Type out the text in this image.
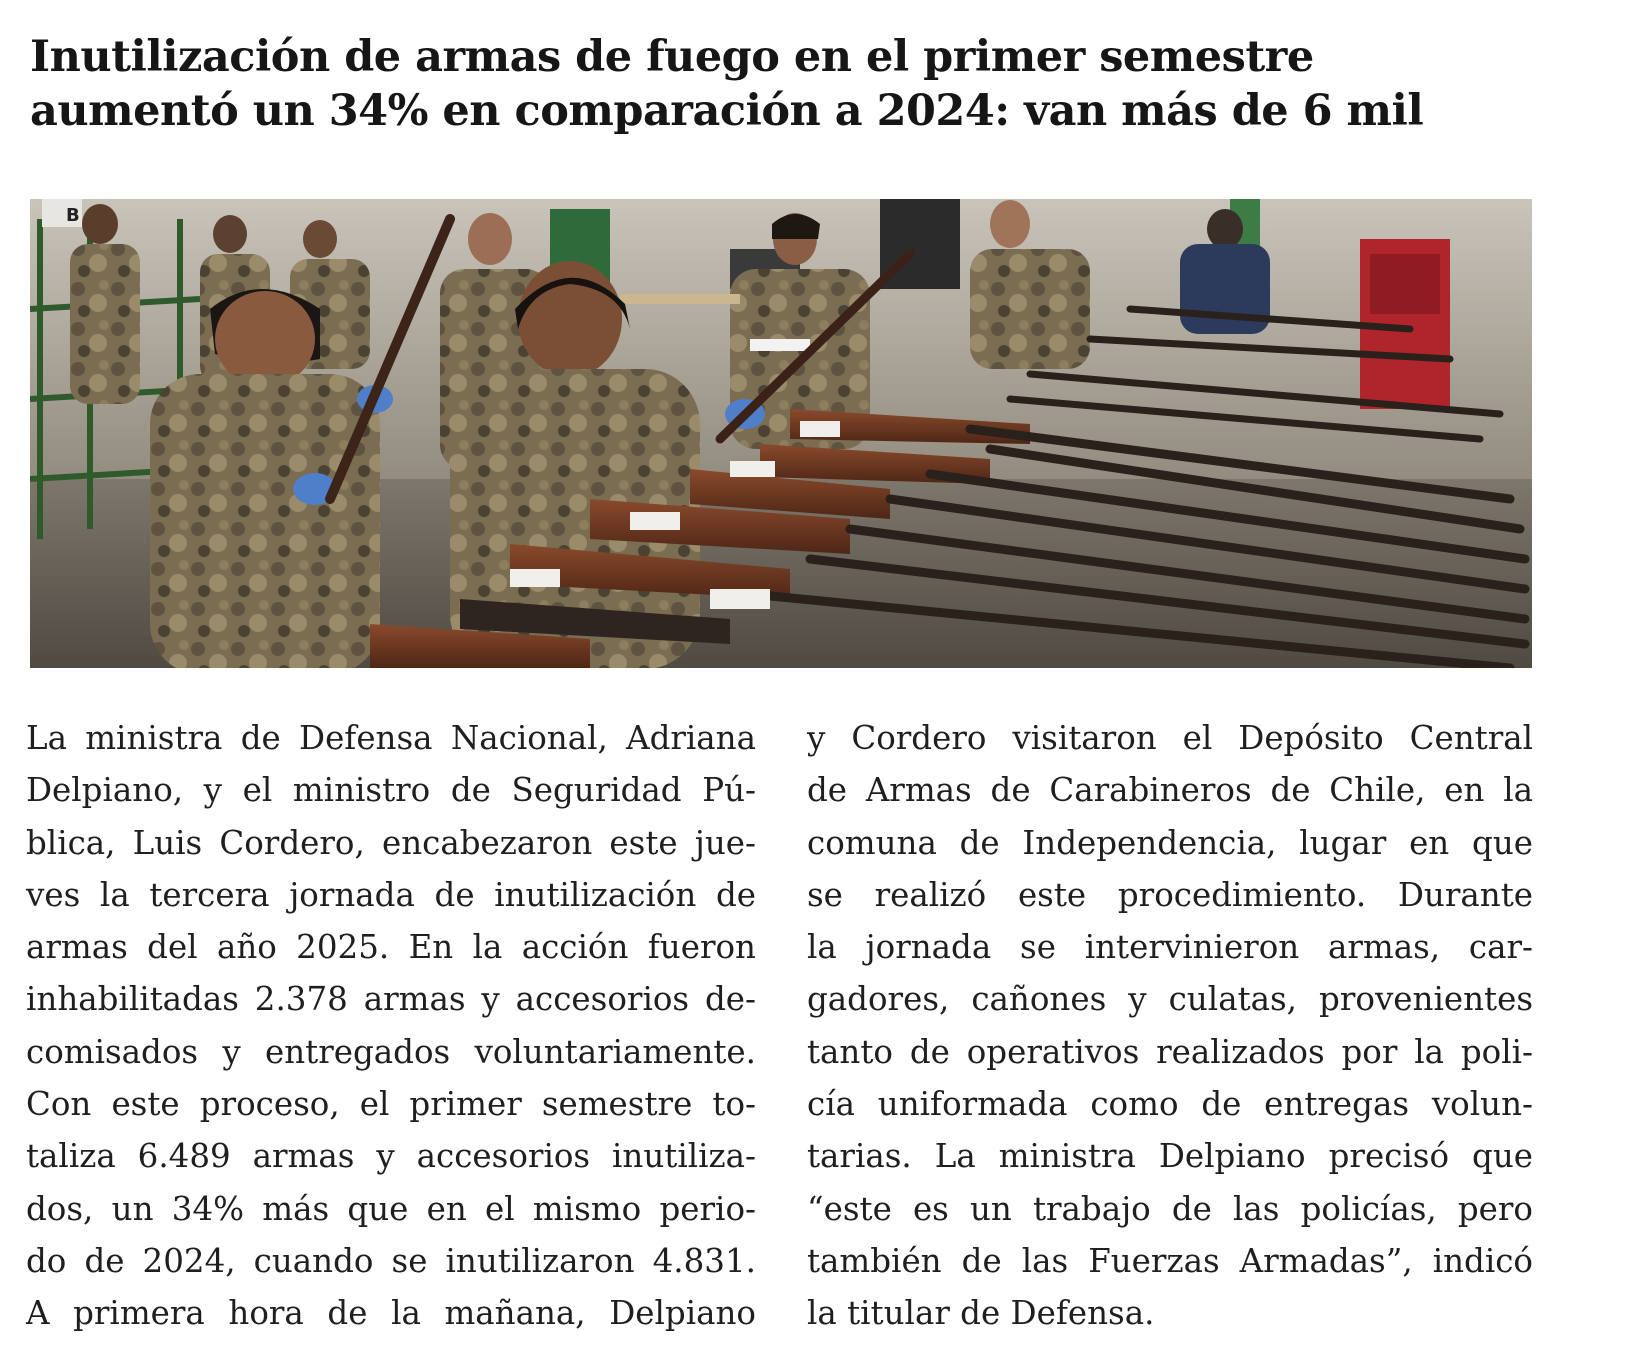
Inutilización de armas de fuego en el primer semestre
aumentó un 34% en comparación a 2024: van más de 6 mil
B
La ministra de Defensa Nacional, Adriana
Delpiano, y el ministro de Seguridad Pú-
blica, Luis Cordero, encabezaron este jue-
ves la tercera jornada de inutilización de
armas del año 2025. En la acción fueron
inhabilitadas 2.378 armas y accesorios de-
comisados y entregados voluntariamente.
Con este proceso, el primer semestre to-
taliza 6.489 armas y accesorios inutiliza-
dos, un 34% más que en el mismo perio-
do de 2024, cuando se inutilizaron 4.831.
A primera hora de la mañana, Delpiano
y Cordero visitaron el Depósito Central
de Armas de Carabineros de Chile, en la
comuna de Independencia, lugar en que
se realizó este procedimiento. Durante
la jornada se intervinieron armas, car-
gadores, cañones y culatas, provenientes
tanto de operativos realizados por la poli-
cía uniformada como de entregas volun-
tarias. La ministra Delpiano precisó que
“este es un trabajo de las policías, pero
también de las Fuerzas Armadas”, indicó
la titular de Defensa.
